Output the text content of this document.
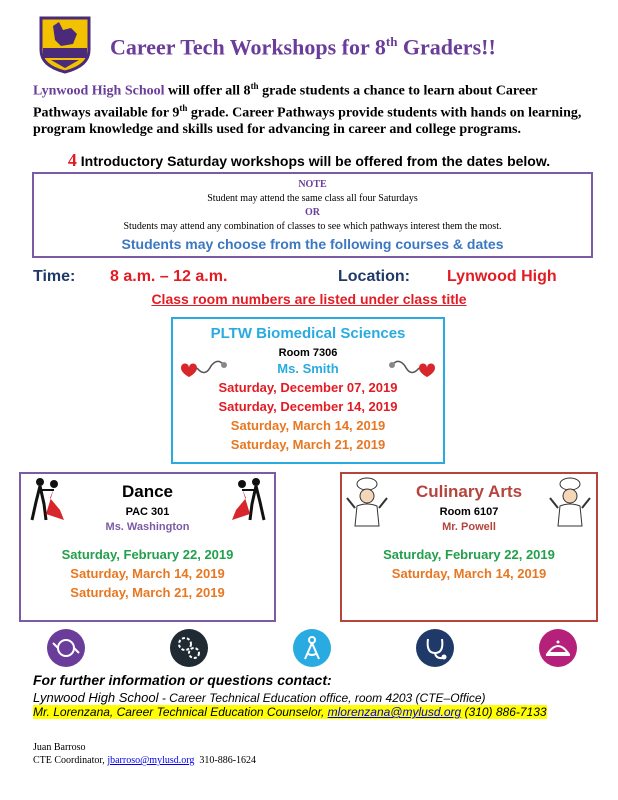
Career Tech Workshops for 8th Graders!!
Lynwood High School will offer all 8th grade students a chance to learn about Career Pathways available for 9th grade. Career Pathways provide students with hands on learning, program knowledge and skills used for advancing in career and college programs.
4 Introductory Saturday workshops will be offered from the dates below.
NOTE
Student may attend the same class all four Saturdays
OR
Students may attend any combination of classes to see which pathways interest them the most.
Students may choose from the following courses & dates
Time: 8 a.m. – 12 a.m.	Location: Lynwood High
Class room numbers are listed under class title
PLTW Biomedical Sciences
Room 7306
Ms. Smith
Saturday, December 07, 2019
Saturday, December 14, 2019
Saturday, March 14, 2019
Saturday, March 21, 2019
Dance
PAC 301
Ms. Washington
Saturday, February 22, 2019
Saturday, March 14, 2019
Saturday, March 21, 2019
Culinary Arts
Room 6107
Mr. Powell
Saturday, February 22, 2019
Saturday, March 14, 2019
For further information or questions contact:
Lynwood High School - Career Technical Education office, room 4203 (CTE–Office)
Mr. Lorenzana, Career Technical Education Counselor, mlorenzana@mylusd.org (310) 886-7133
Juan Barroso
CTE Coordinator, jbarroso@mylusd.org  310-886-1624
